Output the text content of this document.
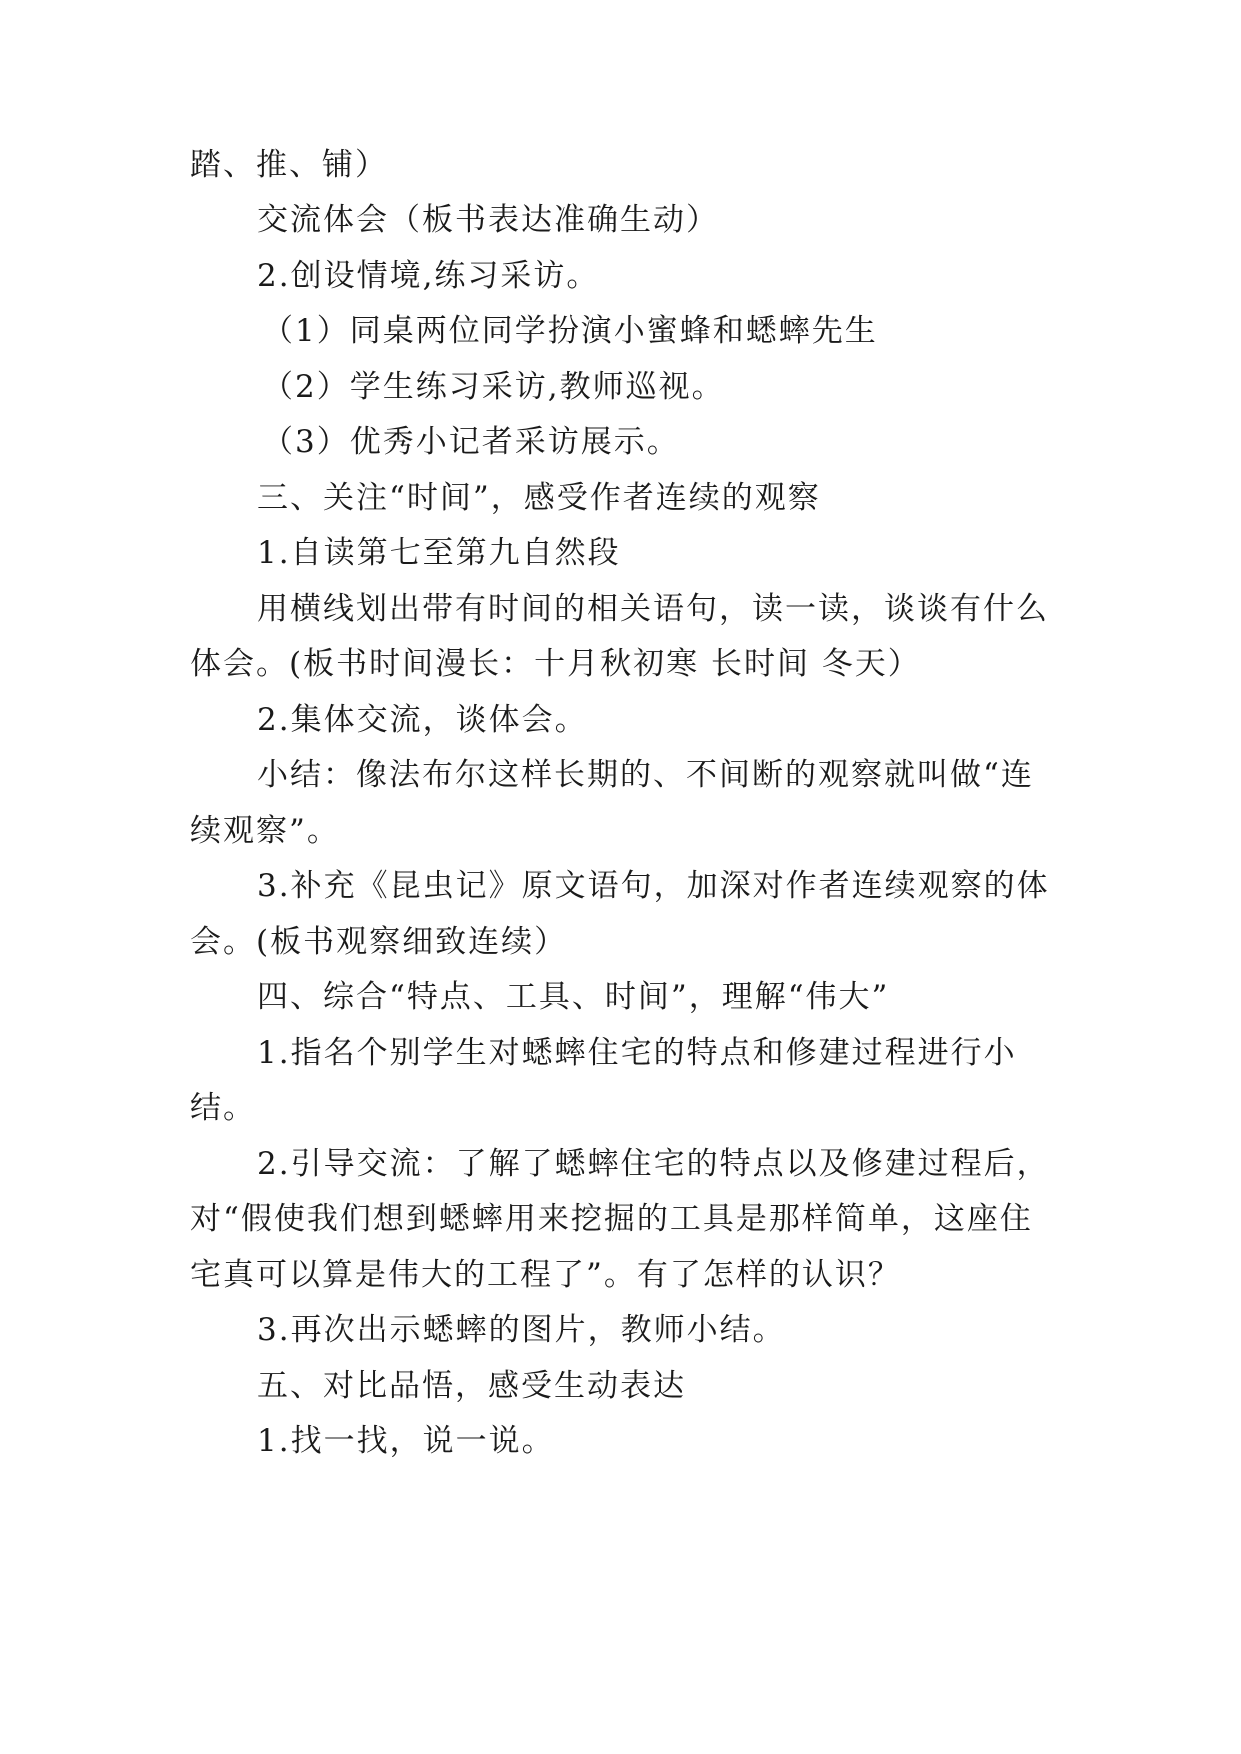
踏、推、铺）
交流体会（板书表达准确生动）
2.创设情境,练习采访。
（1）同桌两位同学扮演小蜜蜂和蟋蟀先生
（2）学生练习采访,教师巡视。
（3）优秀小记者采访展示。
三、关注“时间”，感受作者连续的观察
1.自读第七至第九自然段
用横线划出带有时间的相关语句，读一读，谈谈有什么
体会。(板书时间漫长：十月秋初寒 长时间 冬天）
2.集体交流，谈体会。
小结：像法布尔这样长期的、不间断的观察就叫做“连
续观察”。
3.补充《昆虫记》原文语句，加深对作者连续观察的体
会。(板书观察细致连续）
四、综合“特点、工具、时间”，理解“伟大”
1.指名个别学生对蟋蟀住宅的特点和修建过程进行小
结。
2.引导交流：了解了蟋蟀住宅的特点以及修建过程后，
对“假使我们想到蟋蟀用来挖掘的工具是那样简单，这座住
宅真可以算是伟大的工程了”。有了怎样的认识？
3.再次出示蟋蟀的图片，教师小结。
五、对比品悟，感受生动表达
1.找一找，说一说。
